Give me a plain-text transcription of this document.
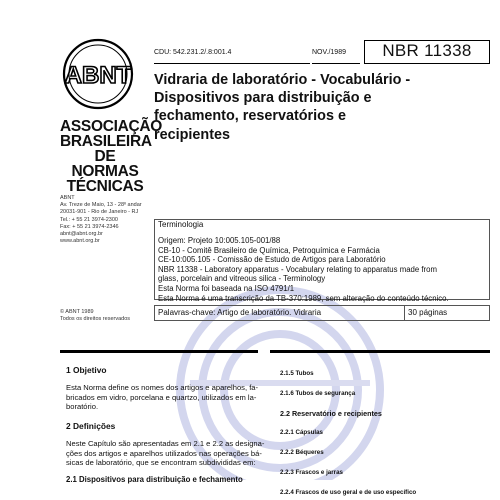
ABNT
ASSOCIAÇÃO
BRASILEIRA
DE NORMAS
TÉCNICAS
ABNT
Av. Treze de Maio, 13 - 28º andar
20031-901 - Rio de Janeiro - RJ
Tel.: + 55 21 3974-2300
Fax: + 55 21 3974-2346
abnt@abnt.org.br
www.abnt.org.br
© ABNT 1989
Todos os direitos reservados
CDU: 542.231.2/.8:001.4	NOV./1989	NBR 11338
Vidraria de laboratório - Vocabulário -
Dispositivos para distribuição e
fechamento, reservatórios e
recipientes
Terminologia
Origem: Projeto 10:005.105-001/88
CB-10 - Comitê Brasileiro de Química, Petroquímica e Farmácia
CE-10:005.105 - Comissão de Estudo de Artigos para Laboratório
NBR 11338 - Laboratory apparatus - Vocabulary relating to apparatus made from
glass, porcelain and vitreous silica - Terminology
Esta Norma foi baseada na ISO 4791/1
Esta Norma é uma transcrição da TB-370:1989, sem alteração do conteúdo técnico.
Palavras-chave: Artigo de laboratório. Vidraria	30 páginas
1 Objetivo
Esta Norma define os nomes dos artigos e aparelhos, fa-
bricados em vidro, porcelana e quartzo, utilizados em la-
boratório.
2 Definições
Neste Capítulo são apresentadas em 2.1 e 2.2 as designa-
ções dos artigos e aparelhos utilizados nas operações bá-
sicas de laboratório, que se encontram subdivididas em:
2.1 Dispositivos para distribuição e fechamento
2.1.5 Tubos
2.1.6 Tubos de segurança
2.2 Reservatório e recipientes
2.2.1 Cápsulas
2.2.2 Béqueres
2.2.3 Frascos e jarras
2.2.4 Frascos de uso geral e de uso específico
